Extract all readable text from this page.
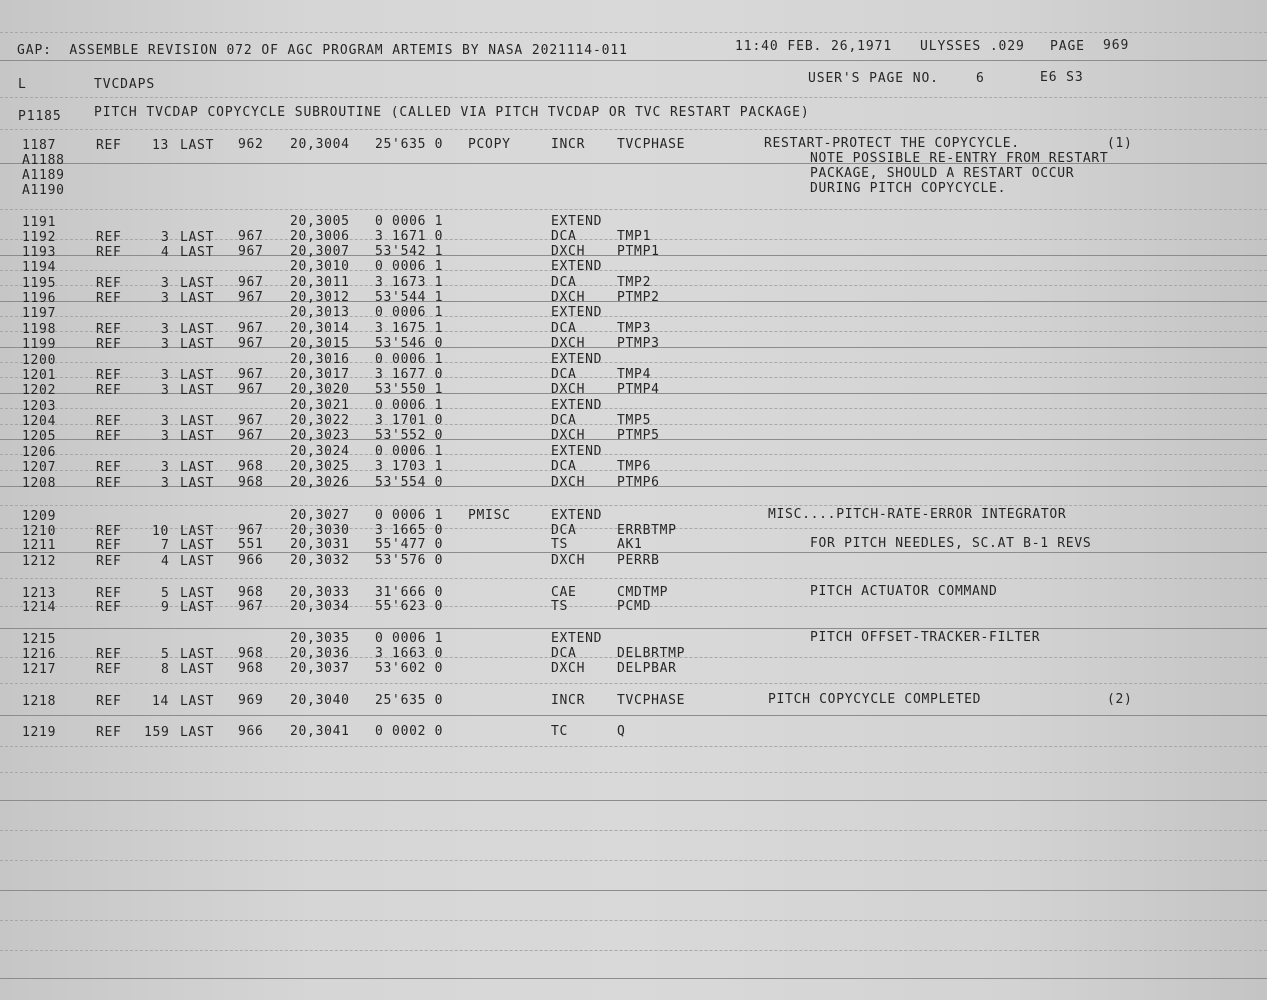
GAP:  ASSEMBLE REVISION 072 OF AGC PROGRAM ARTEMIS BY NASA 2021114-011	11:40 FEB. 26,1971 ULYSSES .029 PAGE 969
L	TVCDAPS	USER'S PAGE NO.	6	E6 S3
P1185 PITCH TVCDAP COPYCYCLE SUBROUTINE (CALLED VIA PITCH TVCDAP OR TVC RESTART PACKAGE)
1187	REF 13 LAST 962 20,3004 25'635 0 PCOPY	INCR TVCPHASE	RESTART-PROTECT THE COPYCYCLE.	(1)
A1188	NOTE POSSIBLE RE-ENTRY FROM RESTART
A1189	PACKAGE, SHOULD A RESTART OCCUR
A1190	DURING PITCH COPYCYCLE.
1191	20,3005 0 0006 1	EXTEND
1192	REF	3 LAST 967 20,3006 3 1671 0	DCA	TMP1
1193	REF	4 LAST 967 20,3007 53'542 1	DXCH PTMP1
1194	20,3010 0 0006 1	EXTEND
1195	REF	3 LAST 967 20,3011 3 1673 1	DCA	TMP2
1196	REF	3 LAST 967 20,3012 53'544 1	DXCH PTMP2
1197	20,3013 0 0006 1	EXTEND
1198	REF	3 LAST 967 20,3014 3 1675 1	DCA	TMP3
1199	REF	3 LAST 967 20,3015 53'546 0	DXCH PTMP3
1200	20,3016 0 0006 1	EXTEND
1201	REF	3 LAST 967 20,3017 3 1677 0	DCA	TMP4
1202	REF	3 LAST 967 20,3020 53'550 1	DXCH PTMP4
1203	20,3021 0 0006 1	EXTEND
1204	REF	3 LAST 967 20,3022 3 1701 0	DCA	TMP5
1205	REF	3 LAST 967 20,3023 53'552 0	DXCH PTMP5
1206	20,3024 0 0006 1	EXTEND
1207	REF	3 LAST 968 20,3025 3 1703 1	DCA	TMP6
1208	REF	3 LAST 968 20,3026 53'554 0	DXCH PTMP6
1209	20,3027 0 0006 1 PMISC	EXTEND	MISC....PITCH-RATE-ERROR INTEGRATOR
1210	REF 10 LAST 967 20,3030 3 1665 0	DCA	ERRBTMP
1211	REF	7 LAST 551 20,3031 55'477 0	TS	AK1	FOR PITCH NEEDLES, SC.AT B-1 REVS
1212	REF	4 LAST 966 20,3032 53'576 0	DXCH PERRB
1213	REF	5 LAST 968 20,3033 31'666 0	CAE	CMDTMP	PITCH ACTUATOR COMMAND
1214	REF	9 LAST 967 20,3034 55'623 0	TS	PCMD
1215	20,3035 0 0006 1	EXTEND	PITCH OFFSET-TRACKER-FILTER
1216	REF	5 LAST 968 20,3036 3 1663 0	DCA	DELBRTMP
1217	REF	8 LAST 968 20,3037 53'602 0	DXCH DELPBAR
1218	REF 14 LAST 969 20,3040 25'635 0	INCR TVCPHASE	PITCH COPYCYCLE COMPLETED	(2)
1219	REF 159 LAST 966 20,3041 0 0002 0	TC	Q
